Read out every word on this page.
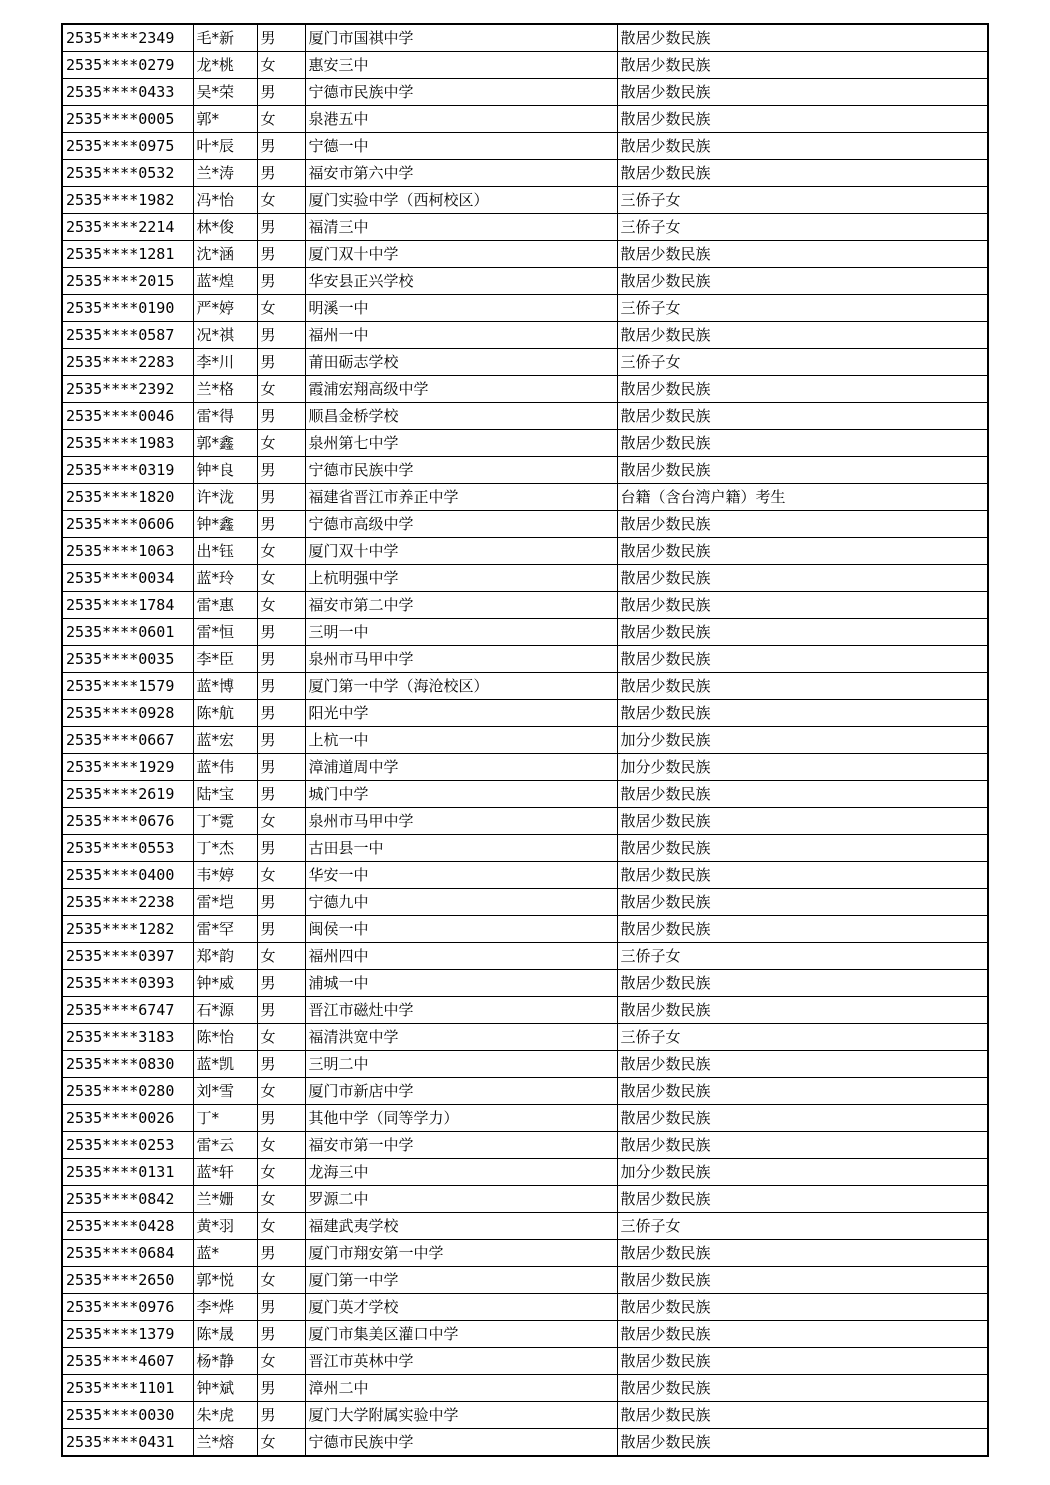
2535****2349	毛*新	男	厦门市国祺中学	散居少数民族
2535****0279	龙*桃	女	惠安三中	散居少数民族
2535****0433	吴*荣	男	宁德市民族中学	散居少数民族
2535****0005	郭*	女	泉港五中	散居少数民族
2535****0975	叶*辰	男	宁德一中	散居少数民族
2535****0532	兰*涛	男	福安市第六中学	散居少数民族
2535****1982	冯*怡	女	厦门实验中学（西柯校区）	三侨子女
2535****2214	林*俊	男	福清三中	三侨子女
2535****1281	沈*涵	男	厦门双十中学	散居少数民族
2535****2015	蓝*煌	男	华安县正兴学校	散居少数民族
2535****0190	严*婷	女	明溪一中	三侨子女
2535****0587	况*祺	男	福州一中	散居少数民族
2535****2283	李*川	男	莆田砺志学校	三侨子女
2535****2392	兰*格	女	霞浦宏翔高级中学	散居少数民族
2535****0046	雷*得	男	顺昌金桥学校	散居少数民族
2535****1983	郭*鑫	女	泉州第七中学	散居少数民族
2535****0319	钟*良	男	宁德市民族中学	散居少数民族
2535****1820	许*泷	男	福建省晋江市养正中学	台籍（含台湾户籍）考生
2535****0606	钟*鑫	男	宁德市高级中学	散居少数民族
2535****1063	出*钰	女	厦门双十中学	散居少数民族
2535****0034	蓝*玲	女	上杭明强中学	散居少数民族
2535****1784	雷*惠	女	福安市第二中学	散居少数民族
2535****0601	雷*恒	男	三明一中	散居少数民族
2535****0035	李*臣	男	泉州市马甲中学	散居少数民族
2535****1579	蓝*博	男	厦门第一中学（海沧校区）	散居少数民族
2535****0928	陈*航	男	阳光中学	散居少数民族
2535****0667	蓝*宏	男	上杭一中	加分少数民族
2535****1929	蓝*伟	男	漳浦道周中学	加分少数民族
2535****2619	陆*宝	男	城门中学	散居少数民族
2535****0676	丁*霓	女	泉州市马甲中学	散居少数民族
2535****0553	丁*杰	男	古田县一中	散居少数民族
2535****0400	韦*婷	女	华安一中	散居少数民族
2535****2238	雷*垲	男	宁德九中	散居少数民族
2535****1282	雷*罕	男	闽侯一中	散居少数民族
2535****0397	郑*韵	女	福州四中	三侨子女
2535****0393	钟*威	男	浦城一中	散居少数民族
2535****6747	石*源	男	晋江市磁灶中学	散居少数民族
2535****3183	陈*怡	女	福清洪宽中学	三侨子女
2535****0830	蓝*凯	男	三明二中	散居少数民族
2535****0280	刘*雪	女	厦门市新店中学	散居少数民族
2535****0026	丁*	男	其他中学（同等学力）	散居少数民族
2535****0253	雷*云	女	福安市第一中学	散居少数民族
2535****0131	蓝*轩	女	龙海三中	加分少数民族
2535****0842	兰*姗	女	罗源二中	散居少数民族
2535****0428	黄*羽	女	福建武夷学校	三侨子女
2535****0684	蓝*	男	厦门市翔安第一中学	散居少数民族
2535****2650	郭*悦	女	厦门第一中学	散居少数民族
2535****0976	李*烨	男	厦门英才学校	散居少数民族
2535****1379	陈*晟	男	厦门市集美区灌口中学	散居少数民族
2535****4607	杨*静	女	晋江市英林中学	散居少数民族
2535****1101	钟*斌	男	漳州二中	散居少数民族
2535****0030	朱*虎	男	厦门大学附属实验中学	散居少数民族
2535****0431	兰*熔	女	宁德市民族中学	散居少数民族
